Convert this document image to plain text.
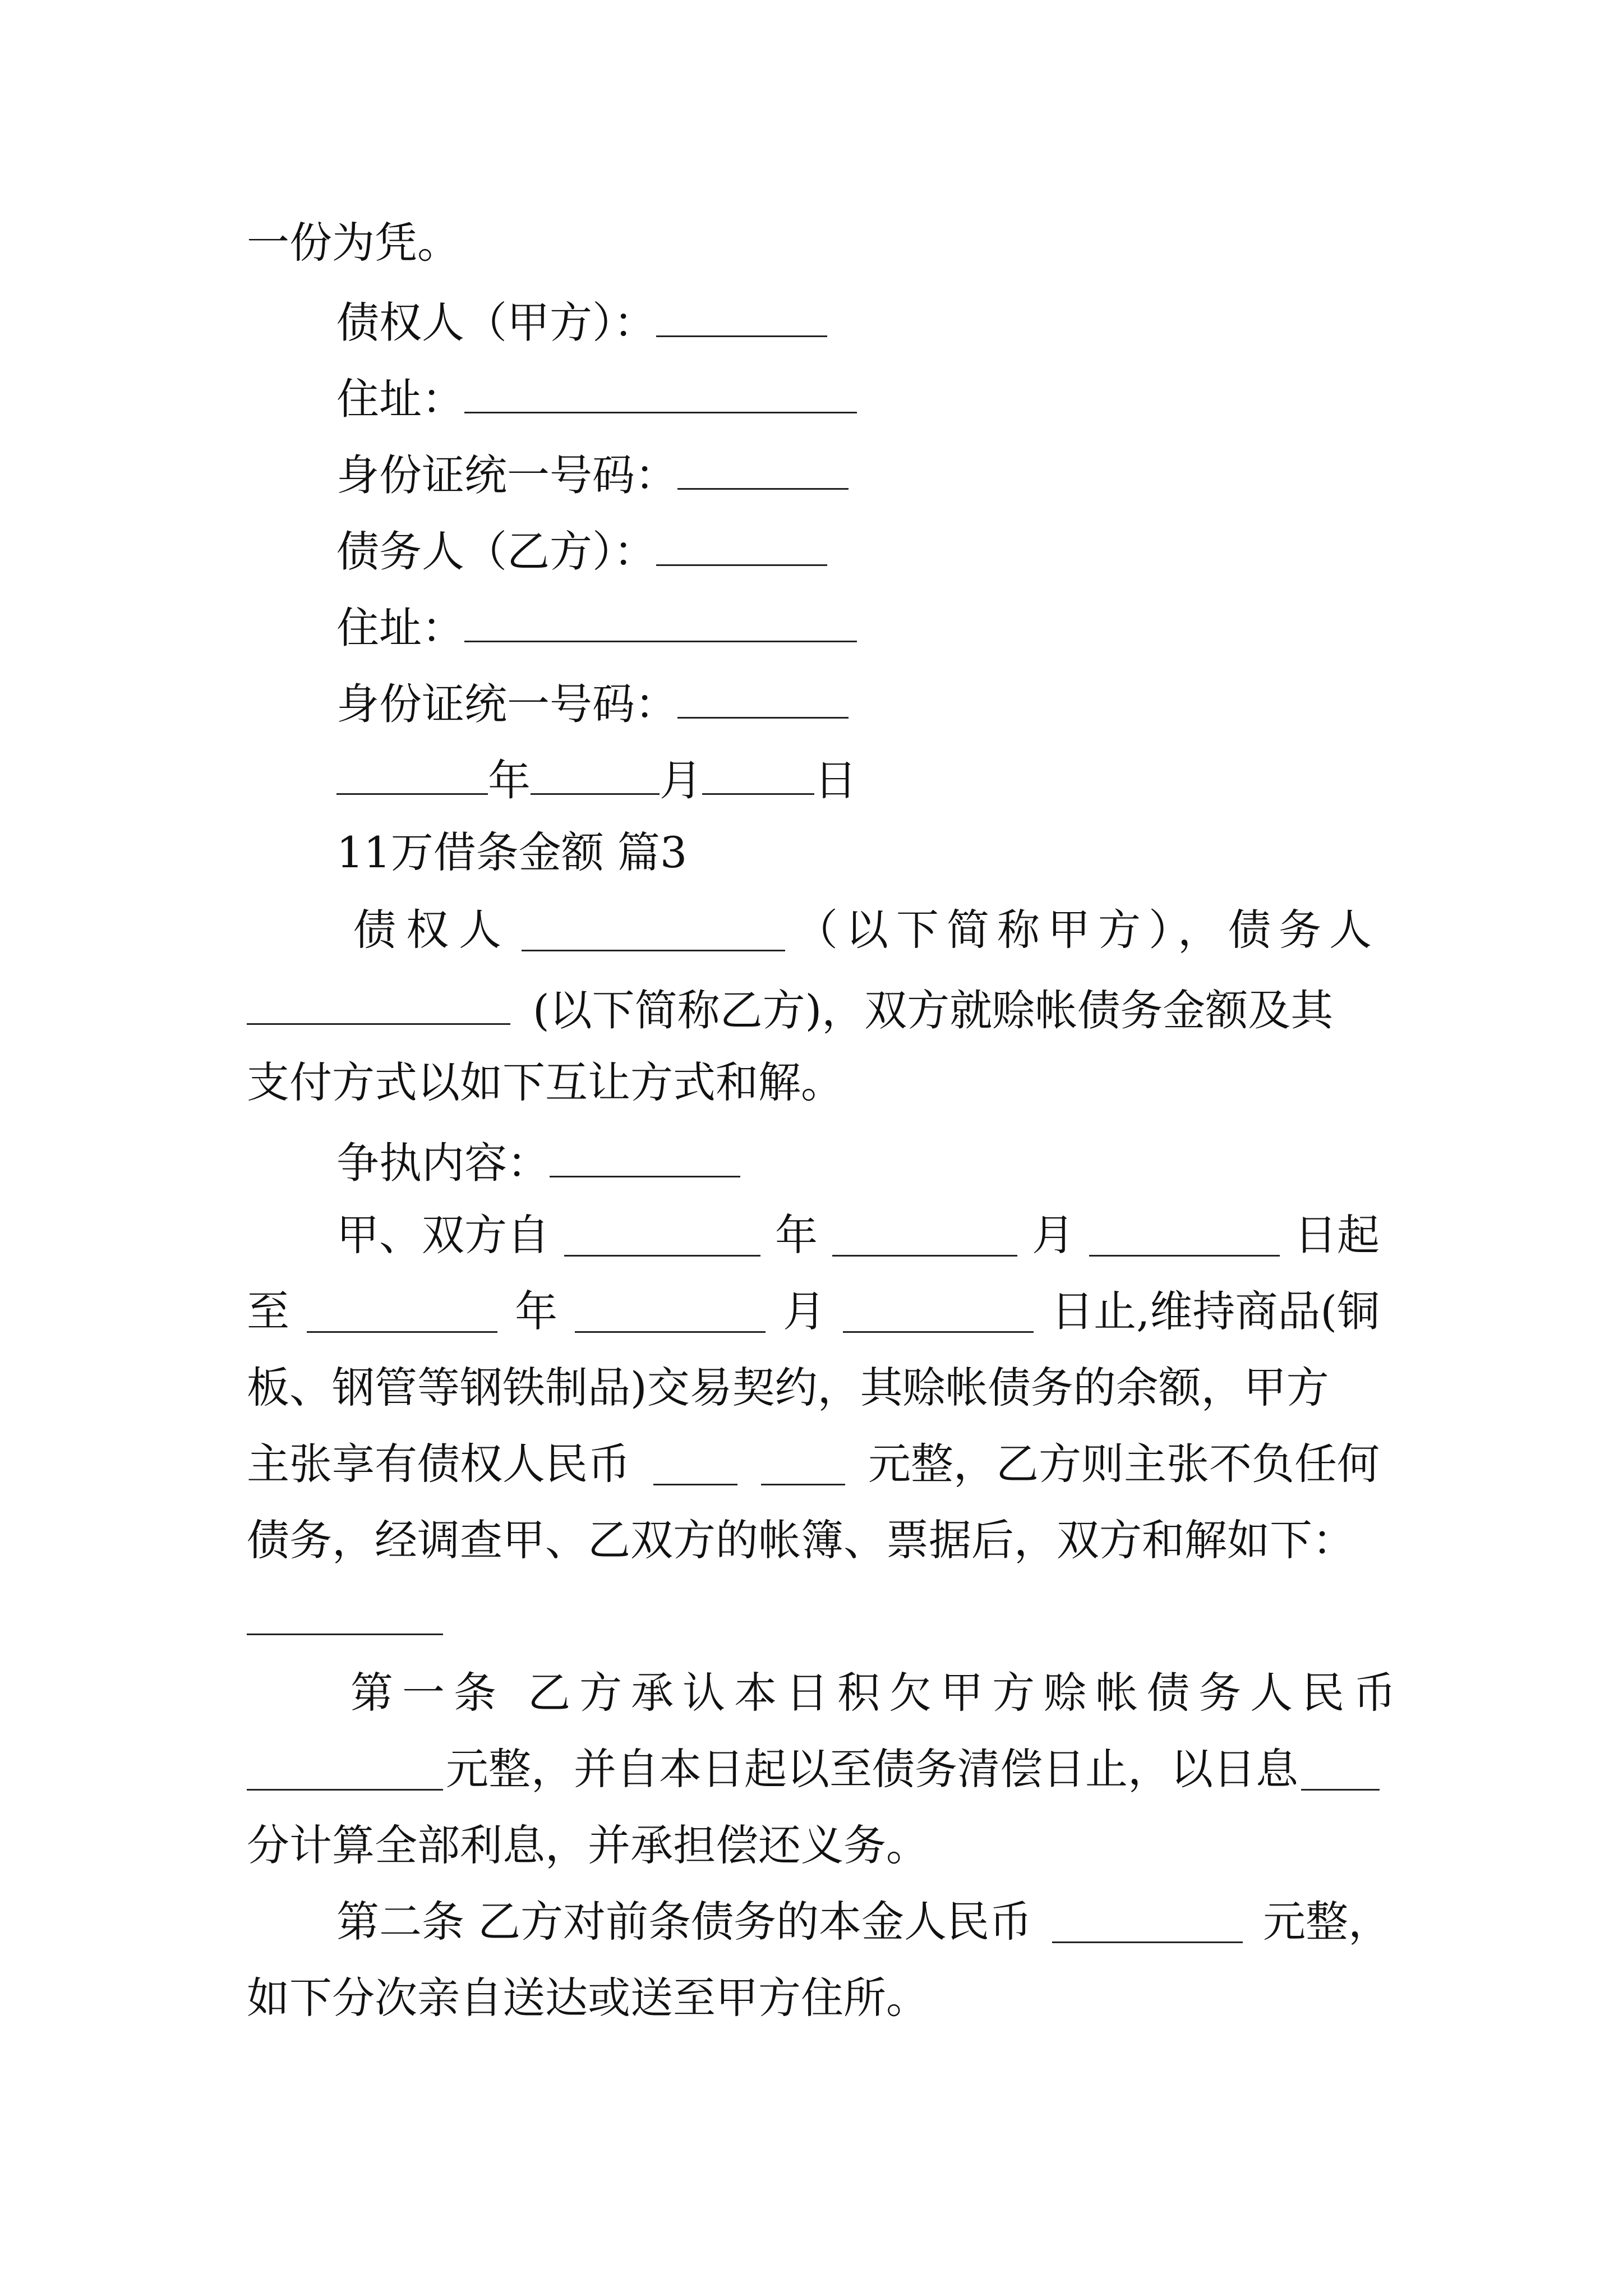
一份为凭。
债权人（甲方）：
住址：
身份证统一号码：
债务人（乙方）：
住址：
身份证统一号码：
年	月	日
11万借条金额 篇3
债权人	（以下简称甲方），债务人
(以下简称乙方)，双方就赊帐债务金额及其
支付方式以如下互让方式和解。
争执内容：
甲、双方自	年	月	日起
至	年	月	日止,维持商品(铜
板、钢管等钢铁制品)交易契约，其赊帐债务的余额，甲方
主张享有债权人民币	元整，乙方则主张不负任何
债务，经调查甲、乙双方的帐簿、票据后，双方和解如下：
第一条 乙方承认本日积欠甲方赊帐债务人民币
元整，并自本日起以至债务清偿日止，以日息
分计算全部利息，并承担偿还义务。
第二条 乙方对前条债务的本金人民币	元整，
如下分次亲自送达或送至甲方住所。
